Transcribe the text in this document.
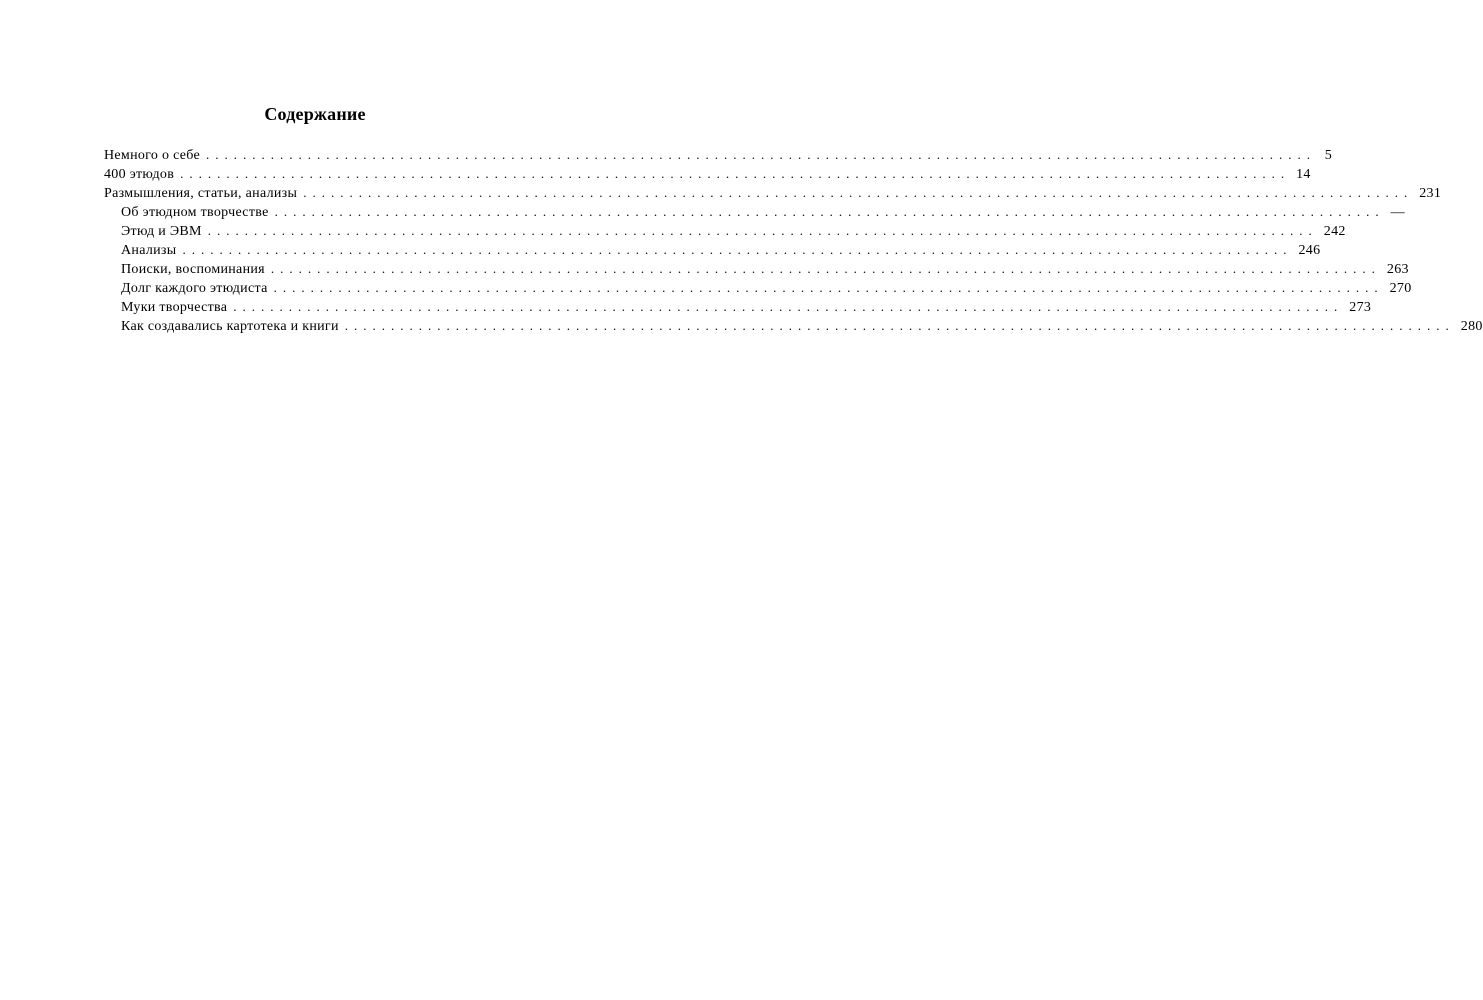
Содержание
Немного о себе ........................................................................................................................ 5
400 этюдов ........................................................................................................................ 14
Размышления, статьи, анализы ........................................................................................................................ 231
Об этюдном творчестве ........................................................................................................................ —
Этюд и ЭВМ ........................................................................................................................ 242
Анализы ........................................................................................................................ 246
Поиски, воспоминания ........................................................................................................................ 263
Долг каждого этюдиста ........................................................................................................................ 270
Муки творчества ........................................................................................................................ 273
Как создавались картотека и книги ........................................................................................................................ 280
